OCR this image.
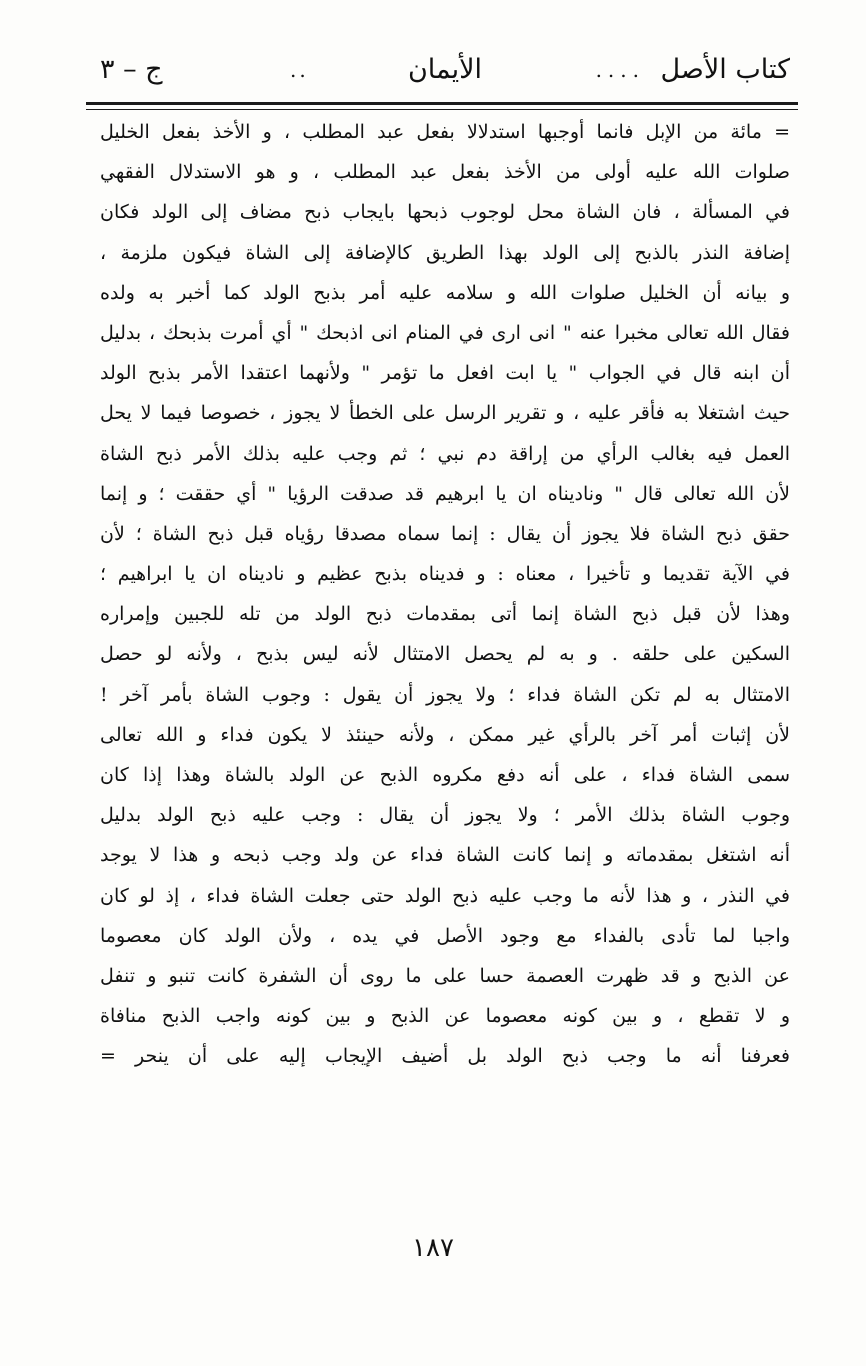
كتاب الأصل
....
الأيمان
..
ج – ٣
= مائة من الإبل فانما أوجبها استدلالا بفعل عبد المطلب ، و الأخذ بفعل الخليل
صلوات الله عليه أولى من الأخذ بفعل عبد المطلب ، و هو الاستدلال الفقهي
في المسألة ، فان الشاة محل لوجوب ذبحها بايجاب ذبح مضاف إلى الولد فكان
إضافة النذر بالذبح إلى الولد بهذا الطريق كالإضافة إلى الشاة فيكون ملزمة ،
و بيانه أن الخليل صلوات الله و سلامه عليه أمر بذبح الولد كما أخبر به ولده
فقال الله تعالى مخبرا عنه " انى ارى في المنام انى اذبحك " أي أمرت بذبحك ، بدليل
أن ابنه قال في الجواب " يا ابت افعل ما تؤمر " ولأنهما اعتقدا الأمر بذبح الولد
حيث اشتغلا به فأقر عليه ، و تقرير الرسل على الخطأ لا يجوز ، خصوصا فيما لا يحل
العمل فيه بغالب الرأي من إراقة دم نبي ؛ ثم وجب عليه بذلك الأمر ذبح الشاة
لأن الله تعالى قال " وناديناه ان يا ابرهيم قد صدقت الرؤيا " أي حققت ؛ و إنما
حقق ذبح الشاة فلا يجوز أن يقال : إنما سماه مصدقا رؤياه قبل ذبح الشاة ؛ لأن
في الآية تقديما و تأخيرا ، معناه : و فديناه بذبح عظيم و ناديناه ان يا ابراهيم ؛
وهذا لأن قبل ذبح الشاة إنما أتى بمقدمات ذبح الولد من تله للجبين وإمراره
السكين على حلقه . و به لم يحصل الامتثال لأنه ليس بذبح ، ولأنه لو حصل
الامتثال به لم تكن الشاة فداء ؛ ولا يجوز أن يقول : وجوب الشاة بأمر آخر !
لأن إثبات أمر آخر بالرأي غير ممكن ، ولأنه حينئذ لا يكون فداء و الله تعالى
سمى الشاة فداء ، على أنه دفع مكروه الذبح عن الولد بالشاة وهذا إذا كان
وجوب الشاة بذلك الأمر ؛ ولا يجوز أن يقال : وجب عليه ذبح الولد بدليل
أنه اشتغل بمقدماته و إنما كانت الشاة فداء عن ولد وجب ذبحه و هذا لا يوجد
في النذر ، و هذا لأنه ما وجب عليه ذبح الولد حتى جعلت الشاة فداء ، إذ لو كان
واجبا لما تأدى بالفداء مع وجود الأصل في يده ، ولأن الولد كان معصوما
عن الذبح و قد ظهرت العصمة حسا على ما روى أن الشفرة كانت تنبو و تنفل
و لا تقطع ، و بين كونه معصوما عن الذبح و بين كونه واجب الذبح منافاة
فعرفنا أنه ما وجب ذبح الولد بل أضيف الإيجاب إليه على أن ينحر =
١٨٧
